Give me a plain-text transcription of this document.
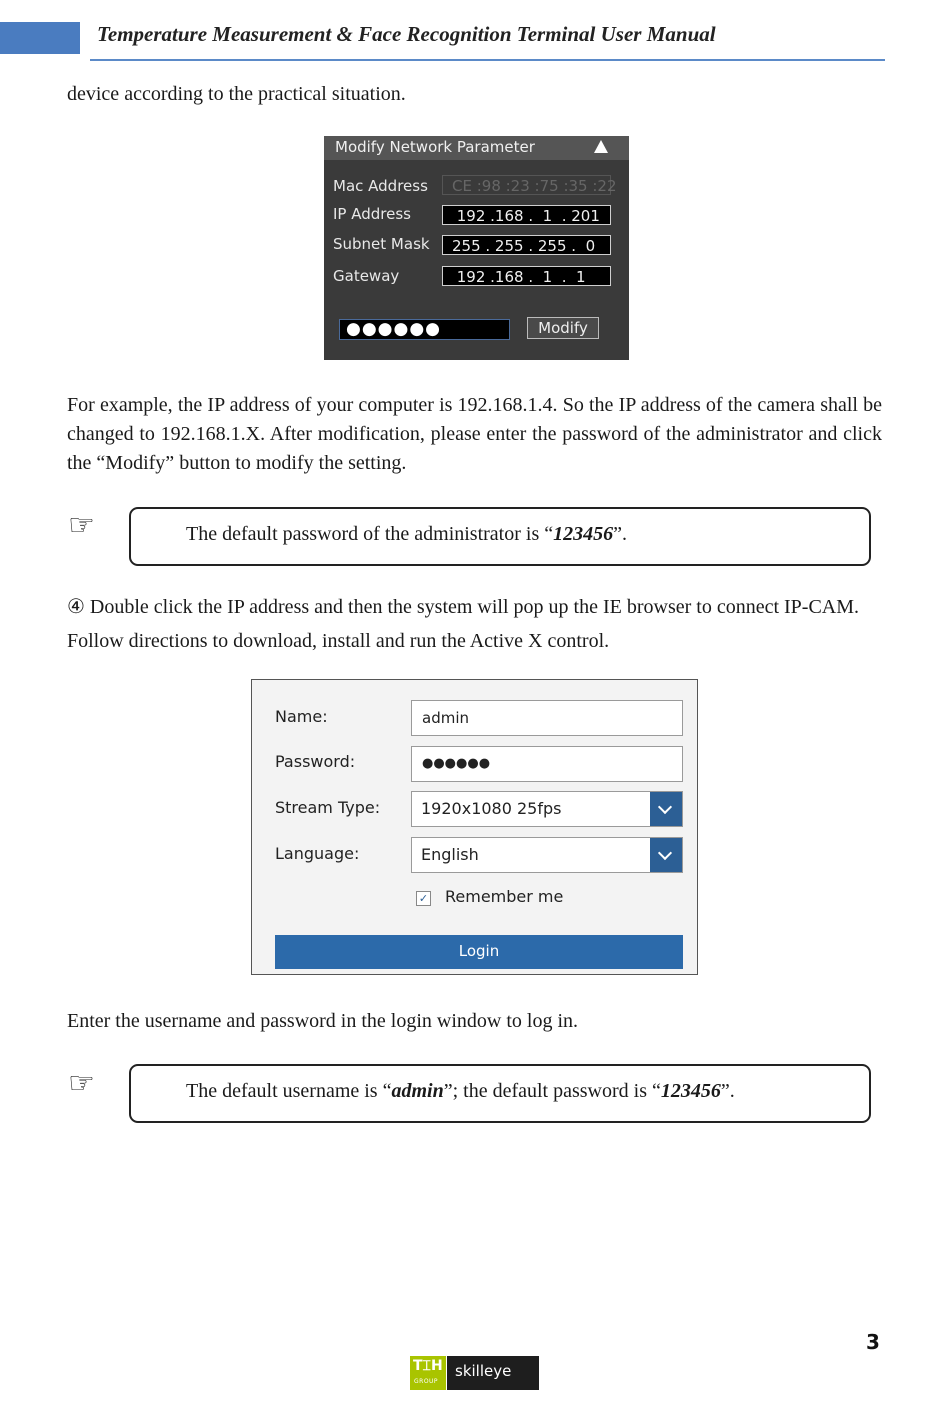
Temperature Measurement & Face Recognition Terminal User Manual
device according to the practical situation.
Modify Network Parameter
Mac Address	CE :98 :23 :75 :35 :22
IP Address	192 .168 .  1  . 201
Subnet Mask	255 . 255 . 255 .  0
Gateway	192 .168 .  1  .  1
●●●●●●	Modify
For example, the IP address of your computer is 192.168.1.4. So the IP address of the camera shall be changed to 192.168.1.X. After modification, please enter the password of the administrator and click the “Modify” button to modify the setting.
☞	The default password of the administrator is “123456”.
④ Double click the IP address and then the system will pop up the IE browser to connect IP-CAM. Follow directions to download, install and run the Active X control.
Name:	admin
Password:	●●●●●●
Stream Type:	1920x1080 25fps
Language:	English
✓ Remember me
Login
Enter the username and password in the login window to log in.
☞	The default username is “admin”; the default password is “123456”.
3
T⌶H
GROUP
skilleye
